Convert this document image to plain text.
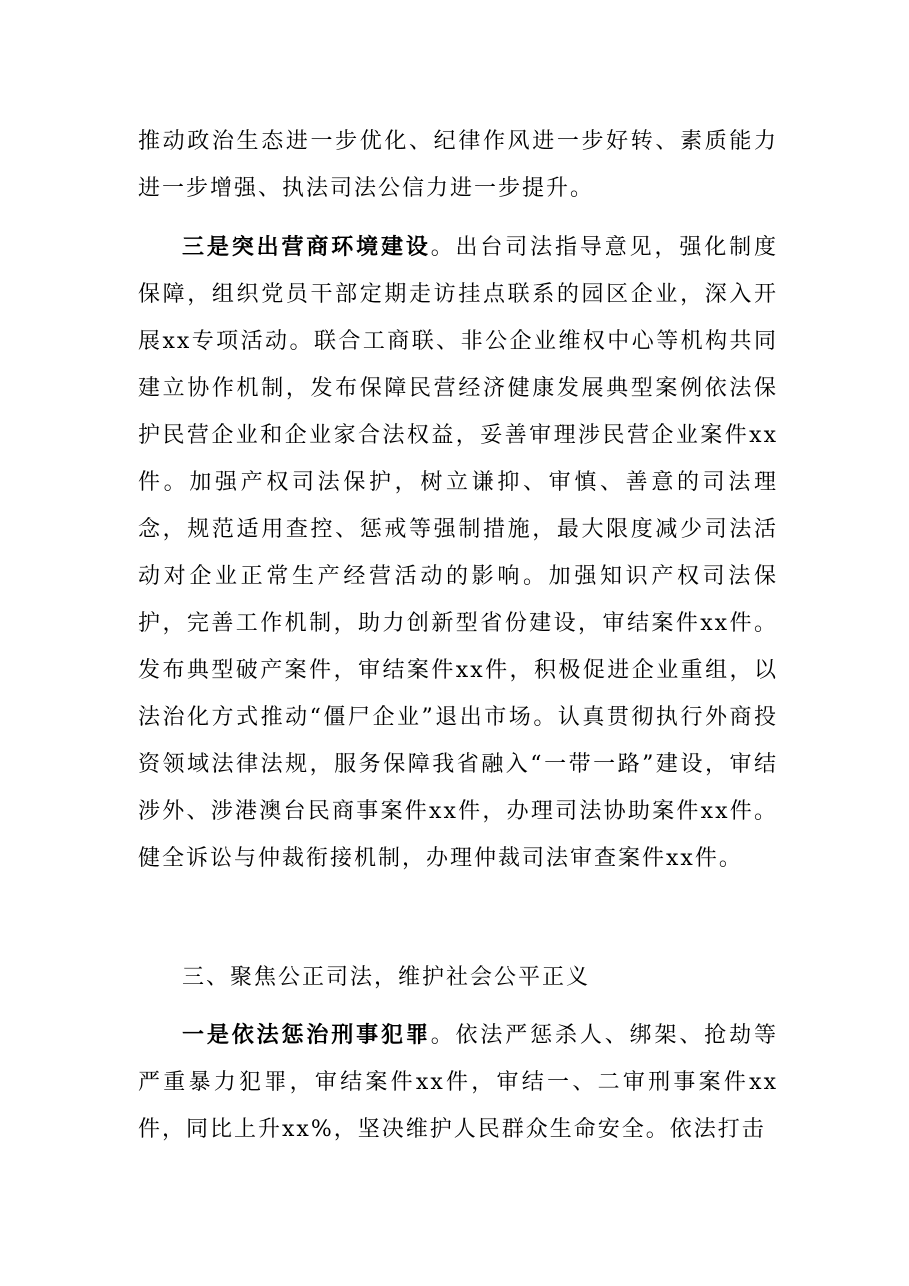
推动政治生态进一步优化、纪律作风进一步好转、素质能力进一步增强、执法司法公信力进一步提升。

三是突出营商环境建设。出台司法指导意见，强化制度保障，组织党员干部定期走访挂点联系的园区企业，深入开展xx专项活动。联合工商联、非公企业维权中心等机构共同建立协作机制，发布保障民营经济健康发展典型案例依法保护民营企业和企业家合法权益，妥善审理涉民营企业案件xx件。加强产权司法保护，树立谦抑、审慎、善意的司法理念，规范适用查控、惩戒等强制措施，最大限度减少司法活动对企业正常生产经营活动的影响。加强知识产权司法保护，完善工作机制，助力创新型省份建设，审结案件xx件。发布典型破产案件，审结案件xx件，积极促进企业重组，以法治化方式推动“僵尸企业”退出市场。认真贯彻执行外商投资领域法律法规，服务保障我省融入“一带一路”建设，审结涉外、涉港澳台民商事案件xx件，办理司法协助案件xx件。健全诉讼与仲裁衔接机制，办理仲裁司法审查案件xx件。

三、聚焦公正司法，维护社会公平正义

一是依法惩治刑事犯罪。依法严惩杀人、绑架、抢劫等严重暴力犯罪，审结案件xx件，审结一、二审刑事案件xx件，同比上升xx%，坚决维护人民群众生命安全。依法打击
